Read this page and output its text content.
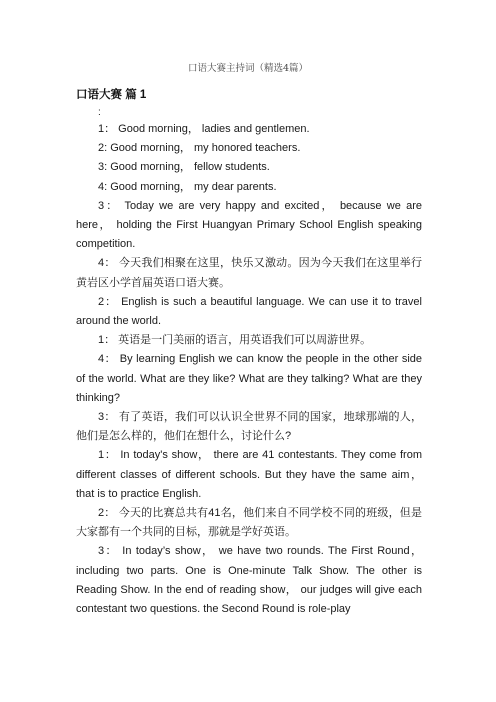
口语大赛主持词（精选4篇）
口语大赛 篇 1

:

1： Good morning， ladies and gentlemen.

2: Good morning， my honored teachers.

3: Good morning， fellow students.

4: Good morning， my dear parents.

3： Today we are very happy and excited， because we are here， holding the First Huangyan Primary School English speaking competition.

4： 今天我们相聚在这里，快乐又激动。因为今天我们在这里举行黄岩区小学首届英语口语大赛。

2： English is such a beautiful language. We can use it to travel around the world.

1： 英语是一门美丽的语言，用英语我们可以周游世界。

4： By learning English we can know the people in the other side of the world. What are they like? What are they talking? What are they thinking?

3： 有了英语，我们可以认识全世界不同的国家，地球那端的人，他们是怎么样的，他们在想什么，讨论什么?

1： In today's show， there are 41 contestants. They come from different classes of different schools. But they have the same aim， that is to practice English.

2： 今天的比赛总共有41名，他们来自不同学校不同的班级，但是大家都有一个共同的目标，那就是学好英语。

3： In today’s show， we have two rounds. The First Round， including two parts. One is One-minute Talk Show. The other is Reading Show. In the end of reading show， our judges will give each contestant two questions. the Second Round is role-play
